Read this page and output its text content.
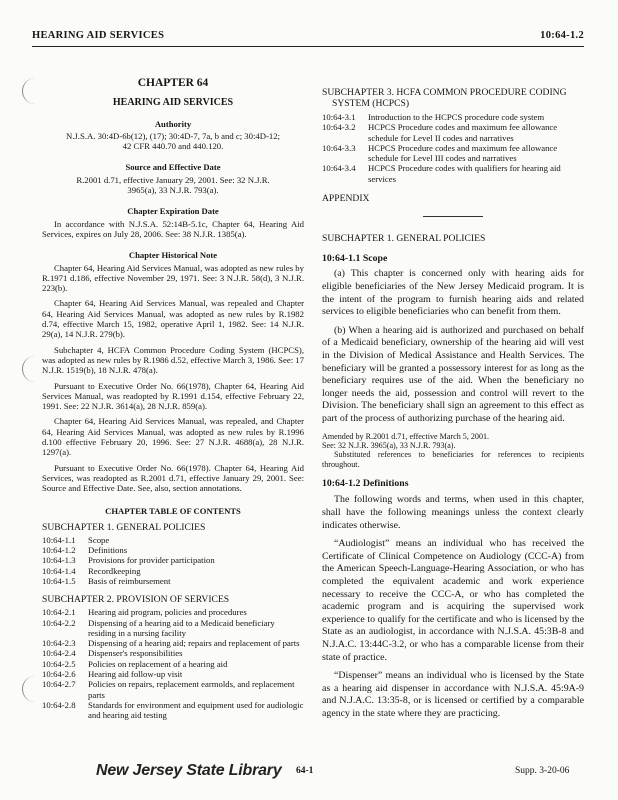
HEARING AID SERVICES	10:64-1.2
CHAPTER 64
HEARING AID SERVICES
Authority

N.J.S.A. 30:4D-6b(12), (17); 30:4D-7, 7a, b and c; 30:4D-12; 42 CFR 440.70 and 440.120.

Source and Effective Date

R.2001 d.71, effective January 29, 2001. See: 32 N.J.R. 3965(a), 33 N.J.R. 793(a).

Chapter Expiration Date

In accordance with N.J.S.A. 52:14B-5.1c, Chapter 64, Hearing Aid Services, expires on July 28, 2006. See: 38 N.J.R. 1385(a).

Chapter Historical Note

Chapter 64, Hearing Aid Services Manual, was adopted as new rules by R.1971 d.186, effective November 29, 1971. See: 3 N.J.R. 58(d), 3 N.J.R. 223(b).

Chapter 64, Hearing Aid Services Manual, was repealed and Chapter 64, Hearing Aid Services Manual, was adopted as new rules by R.1982 d.74, effective March 15, 1982, operative April 1, 1982. See: 14 N.J.R. 29(a), 14 N.J.R. 279(b).

Subchapter 4, HCFA Common Procedure Coding System (HCPCS), was adopted as new rules by R.1986 d.52, effective March 3, 1986. See: 17 N.J.R. 1519(b), 18 N.J.R. 478(a).

Pursuant to Executive Order No. 66(1978), Chapter 64, Hearing Aid Services Manual, was readopted by R.1991 d.154, effective February 22, 1991. See: 22 N.J.R. 3614(a), 28 N.J.R. 859(a).

Chapter 64, Hearing Aid Services Manual, was repealed, and Chapter 64, Hearing Aid Services Manual, was adopted as new rules by R.1996 d.100 effective February 20, 1996. See: 27 N.J.R. 4688(a), 28 N.J.R. 1297(a).

Pursuant to Executive Order No. 66(1978). Chapter 64, Hearing Aid Services, was readopted as R.2001 d.71, effective January 29, 2001. See: Source and Effective Date. See, also, section annotations.

CHAPTER TABLE OF CONTENTS
SUBCHAPTER 1. GENERAL POLICIES
10:64-1.1	Scope
10:64-1.2	Definitions
10:64-1.3	Provisions for provider participation
10:64-1.4	Recordkeeping
10:64-1.5	Basis of reimbursement
SUBCHAPTER 2. PROVISION OF SERVICES
10:64-2.1	Hearing aid program, policies and procedures
10:64-2.2	Dispensing of a hearing aid to a Medicaid beneficiary residing in a nursing facility
10:64-2.3	Dispensing of a hearing aid; repairs and replacement of parts
10:64-2.4	Dispenser's responsibilities
10:64-2.5	Policies on replacement of a hearing aid
10:64-2.6	Hearing aid follow-up visit
10:64-2.7	Policies on repairs, replacement earmolds, and replacement parts
10:64-2.8	Standards for environment and equipment used for audiologic and hearing aid testing
SUBCHAPTER 3. HCFA COMMON PROCEDURE CODING SYSTEM (HCPCS)
10:64-3.1	Introduction to the HCPCS procedure code system
10:64-3.2	HCPCS Procedure codes and maximum fee allowance schedule for Level II codes and narratives
10:64-3.3	HCPCS Procedure codes and maximum fee allowance schedule for Level III codes and narratives
10:64-3.4	HCPCS Procedure codes with qualifiers for hearing aid services
APPENDIX
SUBCHAPTER 1. GENERAL POLICIES
10:64-1.1 Scope

(a) This chapter is concerned only with hearing aids for eligible beneficiaries of the New Jersey Medicaid program. It is the intent of the program to furnish hearing aids and related services to eligible beneficiaries who can benefit from them.

(b) When a hearing aid is authorized and purchased on behalf of a Medicaid beneficiary, ownership of the hearing aid will vest in the Division of Medical Assistance and Health Services. The beneficiary will be granted a possessory interest for as long as the beneficiary requires use of the aid. When the beneficiary no longer needs the aid, possession and control will revert to the Division. The beneficiary shall sign an agreement to this effect as part of the process of authorizing purchase of the hearing aid.

Amended by R.2001 d.71, effective March 5, 2001.

See: 32 N.J.R. 3965(a), 33 N.J.R. 793(a).

Substituted references to beneficiaries for references to recipients throughout.

10:64-1.2 Definitions

The following words and terms, when used in this chapter, shall have the following meanings unless the context clearly indicates otherwise.

“Audiologist” means an individual who has received the Certificate of Clinical Competence on Audiology (CCC-A) from the American Speech-Language-Hearing Association, or who has completed the equivalent academic and work experience necessary to receive the CCC-A, or who has completed the academic program and is acquiring the supervised work experience to qualify for the certificate and who is licensed by the State as an audiologist, in accordance with N.J.S.A. 45:3B-8 and N.J.A.C. 13:44C-3.2, or who has a comparable license from their state of practice.

“Dispenser” means an individual who is licensed by the State as a hearing aid dispenser in accordance with N.J.S.A. 45:9A-9 and N.J.A.C. 13:35-8, or is licensed or certified by a comparable agency in the state where they are practicing.

New Jersey State Library 64-1	Supp. 3-20-06
